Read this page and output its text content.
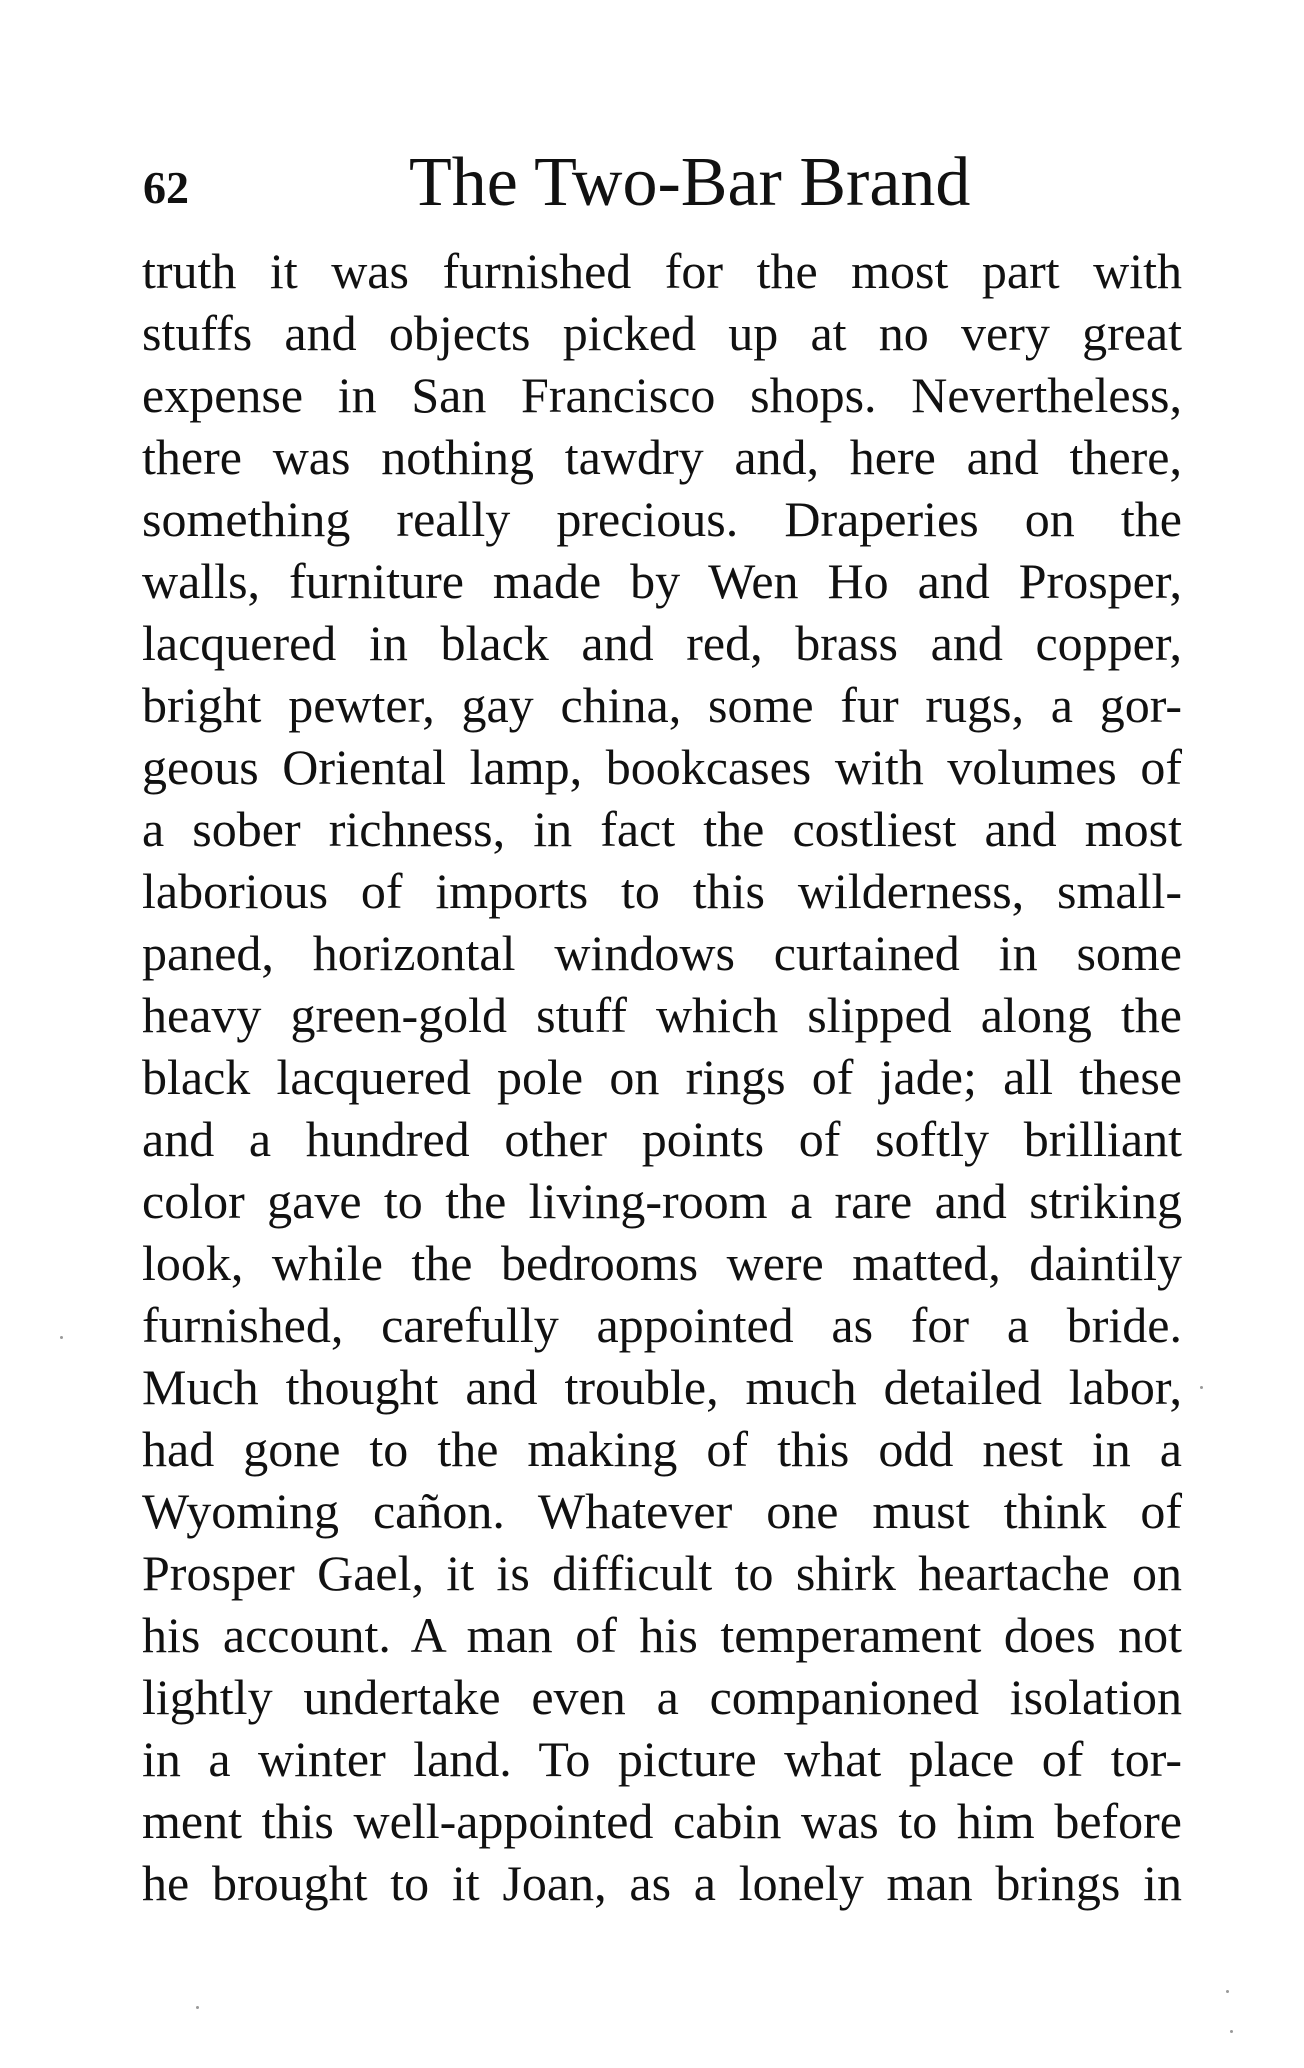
62	The Two-Bar Brand
truth it was furnished for the most part with
stuffs and objects picked up at no very great
expense in San Francisco shops. Nevertheless,
there was nothing tawdry and, here and there,
something really precious. Draperies on the
walls, furniture made by Wen Ho and Prosper,
lacquered in black and red, brass and copper,
bright pewter, gay china, some fur rugs, a gor-
geous Oriental lamp, bookcases with volumes of
a sober richness, in fact the costliest and most
laborious of imports to this wilderness, small-
paned, horizontal windows curtained in some
heavy green-gold stuff which slipped along the
black lacquered pole on rings of jade; all these
and a hundred other points of softly brilliant
color gave to the living-room a rare and striking
look, while the bedrooms were matted, daintily
furnished, carefully appointed as for a bride.
Much thought and trouble, much detailed labor,
had gone to the making of this odd nest in a
Wyoming cañon. Whatever one must think of
Prosper Gael, it is difficult to shirk heartache on
his account. A man of his temperament does not
lightly undertake even a companioned isolation
in a winter land. To picture what place of tor-
ment this well-appointed cabin was to him before
he brought to it Joan, as a lonely man brings in
